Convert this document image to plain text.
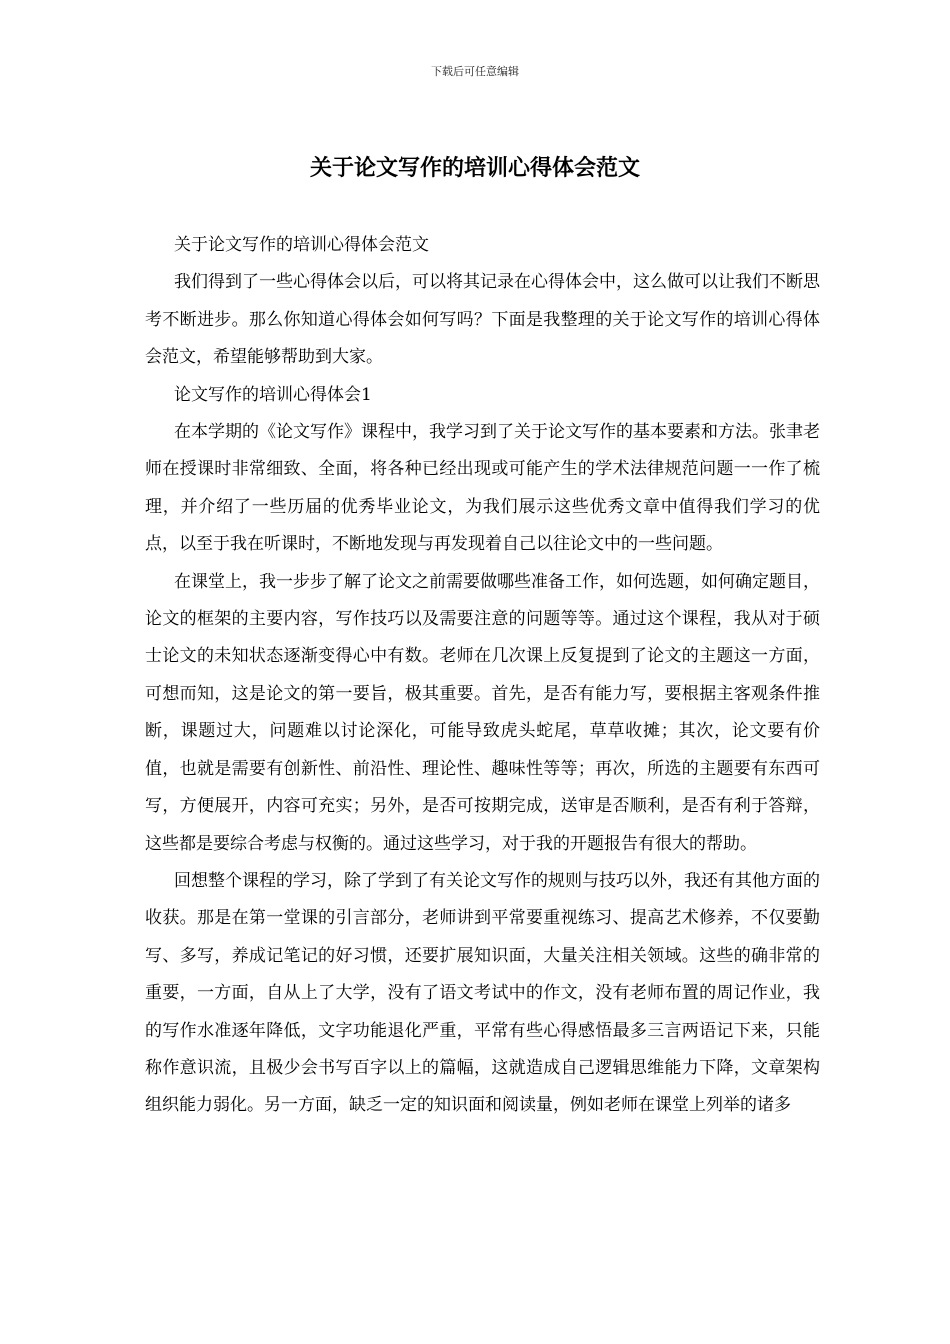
下载后可任意编辑
关于论文写作的培训心得体会范文

关于论文写作的培训心得体会范文

我们得到了一些心得体会以后，可以将其记录在心得体会中，这么做可以让我们不断思考不断进步。那么你知道心得体会如何写吗？下面是我整理的关于论文写作的培训心得体会范文，希望能够帮助到大家。

论文写作的培训心得体会1

在本学期的《论文写作》课程中，我学习到了关于论文写作的基本要素和方法。张聿老师在授课时非常细致、全面，将各种已经出现或可能产生的学术法律规范问题一一作了梳理，并介绍了一些历届的优秀毕业论文，为我们展示这些优秀文章中值得我们学习的优点，以至于我在听课时，不断地发现与再发现着自己以往论文中的一些问题。

在课堂上，我一步步了解了论文之前需要做哪些准备工作，如何选题，如何确定题目，论文的框架的主要内容，写作技巧以及需要注意的问题等等。通过这个课程，我从对于硕士论文的未知状态逐渐变得心中有数。老师在几次课上反复提到了论文的主题这一方面，可想而知，这是论文的第一要旨，极其重要。首先，是否有能力写，要根据主客观条件推断，课题过大，问题难以讨论深化，可能导致虎头蛇尾，草草收摊；其次，论文要有价值，也就是需要有创新性、前沿性、理论性、趣味性等等；再次，所选的主题要有东西可写，方便展开，内容可充实；另外，是否可按期完成，送审是否顺利，是否有利于答辩，这些都是要综合考虑与权衡的。通过这些学习，对于我的开题报告有很大的帮助。

回想整个课程的学习，除了学到了有关论文写作的规则与技巧以外，我还有其他方面的收获。那是在第一堂课的引言部分，老师讲到平常要重视练习、提高艺术修养，不仅要勤写、多写，养成记笔记的好习惯，还要扩展知识面，大量关注相关领域。这些的确非常的重要，一方面，自从上了大学，没有了语文考试中的作文，没有老师布置的周记作业，我的写作水准逐年降低，文字功能退化严重，平常有些心得感悟最多三言两语记下来，只能称作意识流，且极少会书写百字以上的篇幅，这就造成自己逻辑思维能力下降，文章架构组织能力弱化。另一方面，缺乏一定的知识面和阅读量，例如老师在课堂上列举的诸多
